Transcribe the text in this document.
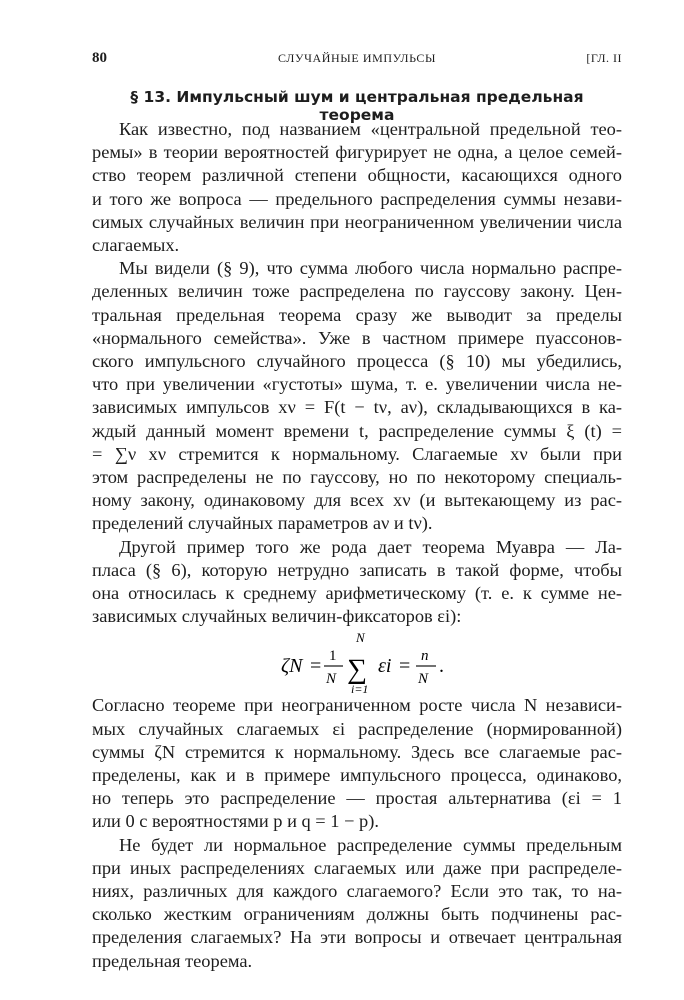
80	СЛУЧАЙНЫЕ ИМПУЛЬСЫ	[ГЛ. II
§ 13. Импульсный шум и центральная предельная теорема
Как известно, под названием «центральной предельной тео-
ремы» в теории вероятностей фигурирует не одна, а целое семей-
ство теорем различной степени общности, касающихся одного
и того же вопроса — предельного распределения суммы незави-
симых случайных величин при неограниченном увеличении числа
слагаемых.
Мы видели (§ 9), что сумма любого числа нормально распре-
деленных величин тоже распределена по гауссову закону. Цен-
тральная предельная теорема сразу же выводит за пределы
«нормального семейства». Уже в частном примере пуассонов-
ского импульсного случайного процесса (§ 10) мы убедились,
что при увеличении «густоты» шума, т. е. увеличении числа не-
зависимых импульсов xν = F(t − tν, aν), складывающихся в ка-
ждый данный момент времени t, распределение суммы ξ (t) =
= ∑ν xν стремится к нормальному. Слагаемые xν были при
этом распределены не по гауссову, но по некоторому специаль-
ному закону, одинаковому для всех xν (и вытекающему из рас-
пределений случайных параметров aν и tν).
Другой пример того же рода дает теорема Муавра — Ла-
пласа (§ 6), которую нетрудно записать в такой форме, чтобы
она относилась к среднему арифметическому (т. е. к сумме не-
зависимых случайных величин-фиксаторов εi):
ζN = 1
N
N
∑
i=1
εi = n
N
.
Согласно теореме при неограниченном росте числа N независи-
мых случайных слагаемых εi распределение (нормированной)
суммы ζN стремится к нормальному. Здесь все слагаемые рас-
пределены, как и в примере импульсного процесса, одинаково,
но теперь это распределение — простая альтернатива (εi = 1
или 0 с вероятностями p и q = 1 − p).
Не будет ли нормальное распределение суммы предельным
при иных распределениях слагаемых или даже при распределе-
ниях, различных для каждого слагаемого? Если это так, то на-
сколько жестким ограничениям должны быть подчинены рас-
пределения слагаемых? На эти вопросы и отвечает центральная
предельная теорема.
